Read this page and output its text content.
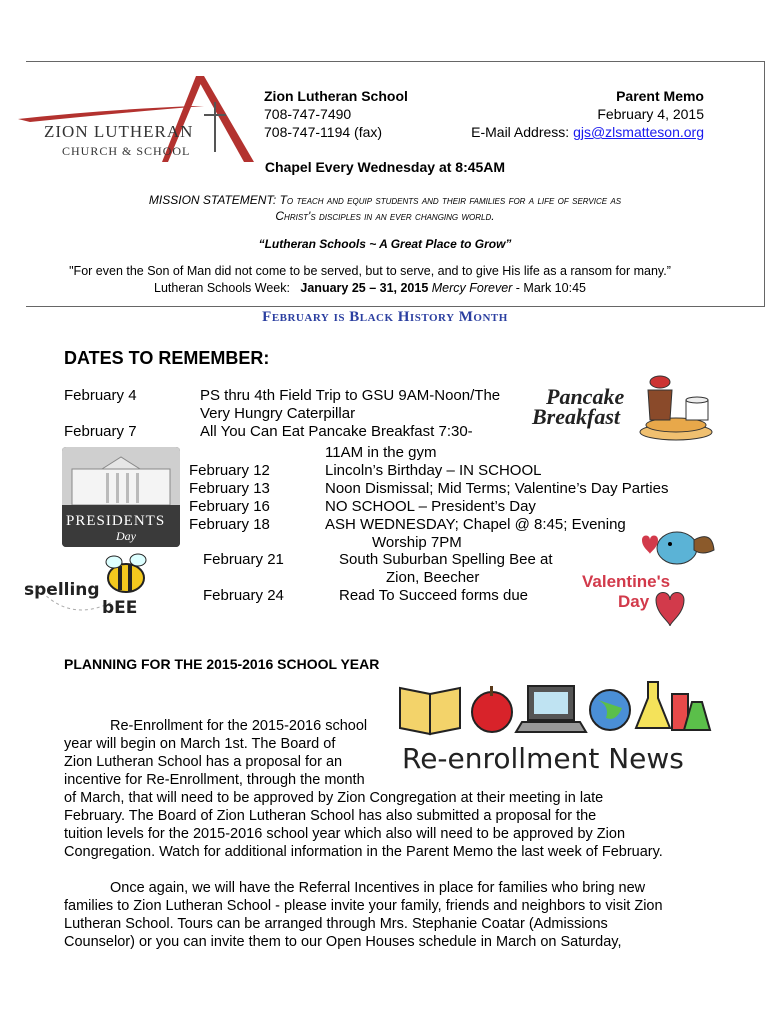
ZION LUTHERAN
CHURCH & SCHOOL
Zion Lutheran School
708-747-7490
708-747-1194 (fax)
Parent Memo
February 4, 2015
E-Mail Address: gjs@zlsmatteson.org
Chapel Every Wednesday at 8:45AM
MISSION STATEMENT: To teach and equip students and their families for a life of service as
Christ's disciples in an ever changing world.
“Lutheran Schools ~ A Great Place to Grow”
"For even the Son of Man did not come to be served, but to serve, and to give His life as a ransom for many.”
Lutheran Schools Week:   January 25 – 31, 2015 Mercy Forever - Mark 10:45
February is Black History Month
DATES TO REMEMBER:
February 4	PS thru 4th Field Trip to GSU 9AM-Noon/The
Very Hungry Caterpillar
February 7	All You Can Eat Pancake Breakfast 7:30-
11AM in the gym
February 12	Lincoln’s Birthday – IN SCHOOL
February 13	Noon Dismissal; Mid Terms; Valentine’s Day Parties
February 16	NO SCHOOL – President’s Day
February 18	ASH WEDNESDAY; Chapel @ 8:45; Evening
Worship 7PM
February 21	South Suburban Spelling Bee at
Zion, Beecher
February 24	Read To Succeed forms due
Pancake
Breakfast
PRESIDENTS
Day
spelling
bEE
Valentine's
Day
PLANNING FOR THE 2015-2016 SCHOOL YEAR
Re-enrollment News
Re-Enrollment for the 2015-2016 school
year will begin on March 1st. The Board of
Zion Lutheran School has a proposal for an
incentive for Re-Enrollment, through the month
of March, that will need to be approved by Zion Congregation at their meeting in late
February. The Board of Zion Lutheran School has also submitted a proposal for the
tuition levels for the 2015-2016 school year which also will need to be approved by Zion
Congregation. Watch for additional information in the Parent Memo the last week of February.
Once again, we will have the Referral Incentives in place for families who bring new
families to Zion Lutheran School - please invite your family, friends and neighbors to visit Zion
Lutheran School. Tours can be arranged through Mrs. Stephanie Coatar (Admissions
Counselor) or you can invite them to our Open Houses schedule in March on Saturday,
